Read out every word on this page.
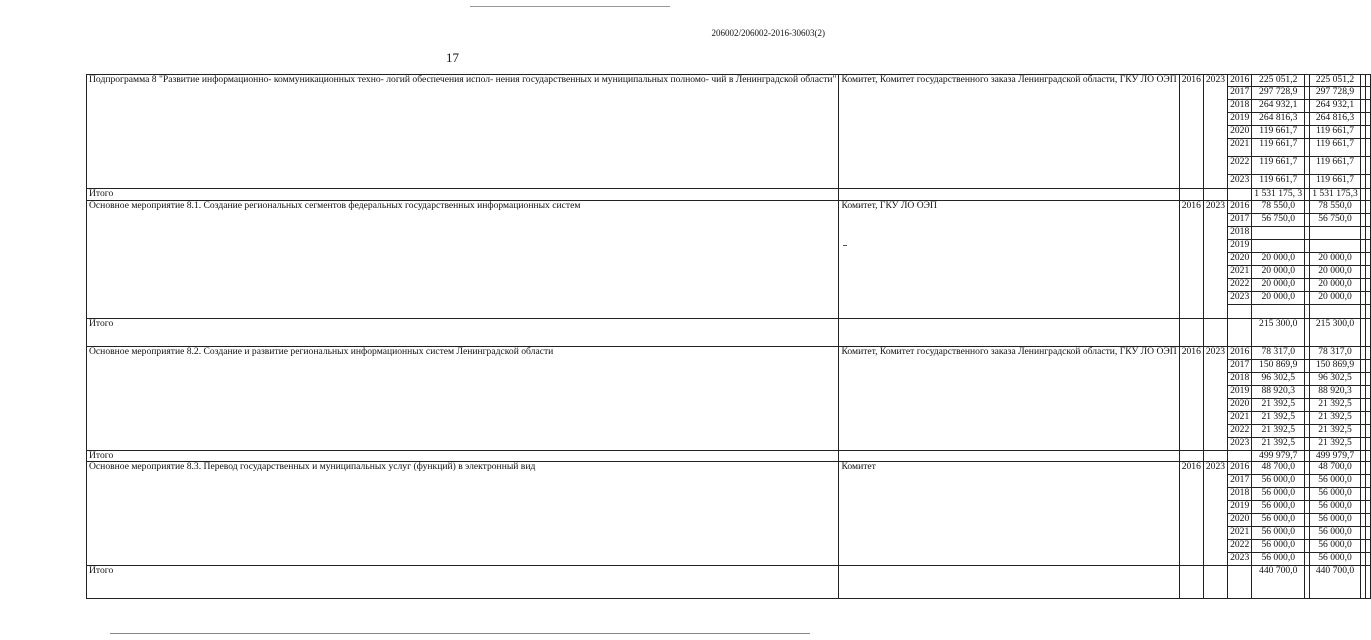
206002/206002-2016-30603(2)
17
Подпрограмма 8 "Развитие информационно- коммуникационных техно- логий обеспечения испол- нения государственных и муниципальных полномо- чий в Ленинградской области"	Комитет, Комитет государственного заказа Ленинградской области, ГКУ ЛО ОЭП	2016	2023	2016	225 051,2		225 051,2		
				2017	297 728,9		297 728,9		
				2018	264 932,1		264 932,1		
				2019	264 816,3		264 816,3		
				2020	119 661,7		119 661,7		
				2021	119 661,7		119 661,7		
				2022	119 661,7		119 661,7		
				2023	119 661,7		119 661,7		
Итого					1 531 175, 3		1 531 175,3		
Основное мероприятие 8.1. Создание региональных сегментов федеральных государственных информационных систем	Комитет, ГКУ ЛО ОЭП	2016	2023	2016	78 550,0		78 550,0		
				2017	56 750,0		56 750,0		
				2018					
				2019					
				2020	20 000,0		20 000,0		
				2021	20 000,0		20 000,0		
				2022	20 000,0		20 000,0		
				2023	20 000,0		20 000,0		

Итого					215 300,0		215 300,0		
Основное мероприятие 8.2. Создание и развитие региональных информационных систем Ленинградской области	Комитет, Комитет государственного заказа Ленинградской области, ГКУ ЛО ОЭП	2016	2023	2016	78 317,0		78 317,0		
				2017	150 869,9		150 869,9		
				2018	96 302,5		96 302,5		
				2019	88 920,3		88 920,3		
				2020	21 392,5		21 392,5		
				2021	21 392,5		21 392,5		
				2022	21 392,5		21 392,5		
				2023	21 392,5		21 392,5		
Итого					499 979,7		499 979,7		
Основное мероприятие 8.3. Перевод государственных и муниципальных услуг (функций) в электронный вид	Комитет	2016	2023	2016	48 700,0		48 700,0		
				2017	56 000,0		56 000,0		
				2018	56 000,0		56 000,0		
				2019	56 000,0		56 000,0		
				2020	56 000,0		56 000,0		
				2021	56 000,0		56 000,0		
				2022	56 000,0		56 000,0		
				2023	56 000,0		56 000,0		
Итого					440 700,0		440 700,0		
